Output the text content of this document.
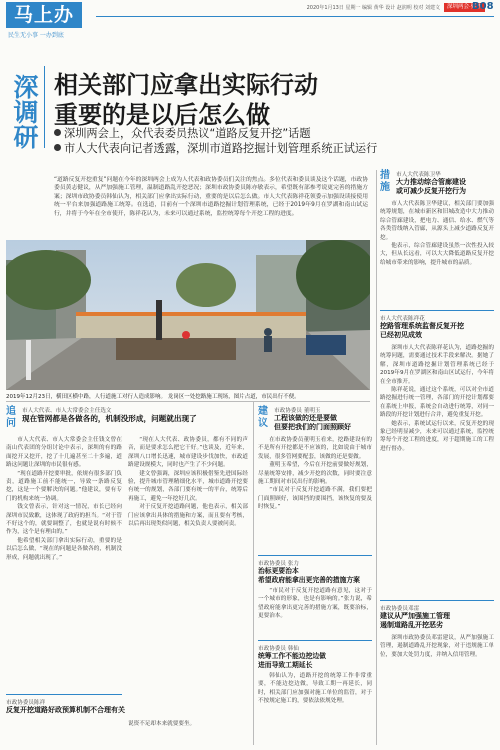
马上办
民生无小事 一办到底
2020年1月13日 星期一 编辑 黄华 设计 赵润明 校对 刘建文	深圳两会·聚焦
B08
深调研 相关部门应拿出实际行动
重要的是以后怎么做
深圳两会上，众代表委员热议“道路反复开挖”话题
市人大代表向记者透露，深圳市道路挖掘计划管理系统正试运行
“道路反复开挖重复”问题在今年的深圳两会上成为人代表和政协委员们关注的焦点。多位代表和委员谈及这个话题，市政协委员黄志健议，从严加强施工管理，温制道路乱开挖恶况；深圳市政协委员陈亦敏表示，希望既有部参考说更完善的措施方案；深圳市政协委员韩仙认为，相关部门应拿出实际行动，重要的是以后怎么做。市人大代表陈祥花领委示加强设读接使用统一平台来加强道路施工统筹。在选道，目前有一个深圳市道路挖掘计划管理系统，已经于2019年9月在罗湖和南山试运行，并将于今年在全市使开，陈祥花认为，未来可以通过系统，监控统筹每个开挖工程的进度。
2019年12月23日，横田区横中路，人行道施工对行人造成影响。 龙岗区一处挖路施工现场，图片占道，市民出行不便。
追问
市人大代表、市人大常委会主任选文
现在管网都是各做各的，机制没形成，问题就出现了

市人大代表、市人大常委会主任钱文曾在南山代表团的分组讨论中表示，深圳的有的路面挖开又挖开，挖了十几遍甚至二十多遍，道路这问题让深圳的市民很有感。

“现在道路开挖要审批，依规有很多部门负责，道路施工前不能统一，导致一条路反复挖，这是一个要解决的问题。”他建议，要有专门的机构来统一协调。

钱文曾表示，针对这一情况，市长已经向深圳市民致歉，这体现了政府的担当。“对于管不好这个的，就要调整了，也就是说有时候不作为，这个是有理由的。”

他希望相关部门拿出实际行动，重要的是以后怎么做，“现在的问题是各做各的，机制没形成，问题就出现了。”

市政协委员陈祥
反复开挖道路好政预算机制不合理有关

“现在人大代表、政协委员，都有不同的声音，而是要求怎么把它干好。”也谈及，近年来，深圳八口增长迅速，城市建设步伐加快，市政道路建设规模大，同时也产生了不少问题。

建文曾强调，深圳应该积极借鉴先进国际经验，提升城市管理精细化水平，城市道路开挖要有统一的规划，各部门要有统一的平台，统筹后再施工，避免一年挖好几次。

对于反复开挖道路问题，他也表示，相关部门应该拿出具体的措施和方案，而且要有考核，以后再出现类似问题，相关负责人要被问责。

说资不足却本来就要要坐。
建议
市政协委员 董明玉
工程该做的还是要做
但要把我们的门面照顾好

在市政协委员董明玉看来，挖路建设有的不是所有开挖都是不应该的，比如说由于城市发展，很多管网要配套，该做的还是要做。

董明玉希望，今后在开挖前要做好规划，尽量统筹安排，减少开挖的次数，同时要注意施工期间对市民出行的影响。

“市民对于反复开挖道路不满，我们要把门面照顾好，该围挡的要围挡，该恢复的要及时恢复。”

市政协委员 张力
治标更要治本
希望政府能拿出更完善的措施方案

“市民对于反复开挖道路有意见，这对于一个城市的形象，也是有影响的。”张力说，希望政府能拿出更完善的措施方案，既要治标，更要治本。

市政协委员 韩仙
统筹工作不能边挖边做
进而导致工期延长

韩仙认为，道路开挖的统筹工作非常重要，不能边挖边做，导致工期一再延长，同时，相关部门应加强对施工单位的监管，对于不按规定施工的，要依法依规处理。

措施
市人大代表陈卫华
大力推动综合管廊建设
或可减少反复开挖行为

市人大代表陈卫华建议，相关部门要加强统筹规划，在城市新区和旧城改造中大力推动综合管廊建设，把电力、通信、给水、燃气等各类管线纳入管廊，从源头上减少道路反复开挖。

他表示，综合管廊建设虽然一次性投入较大，但从长远看，可以大大降低道路反复开挖给城市带来的影响，提升城市的品质。

市人大代表陈祥花
挖路管理系统监督反复开挖
已经初见成效

深圳市人大代表陈祥花认为，道路挖掘的统筹问题，需要通过技术手段来解决。据她了解，深圳市道路挖掘计划管理系统已经于2019年9月在罗湖区和南山区试运行，今年将在全市推开。

陈祥花说，通过这个系统，可以对全市道路挖掘进行统一管理，各部门的开挖计划都要在系统上申报，系统会自动进行统筹，对同一路段的开挖计划进行合并，避免重复开挖。

她表示，系统试运行以来，反复开挖的现象已经明显减少，未来可以通过系统，监控统筹每个开挖工程的进度，对于超期施工的工程进行督办。

市政协委员邓雷
建议从严加强施工管理
遏制道路乱开挖恶劣

深圳市政协委员邓雷建议，从严加强施工管理，遏制道路乱开挖现象，对于违规施工单位，要加大处罚力度，并纳入信用管理。
